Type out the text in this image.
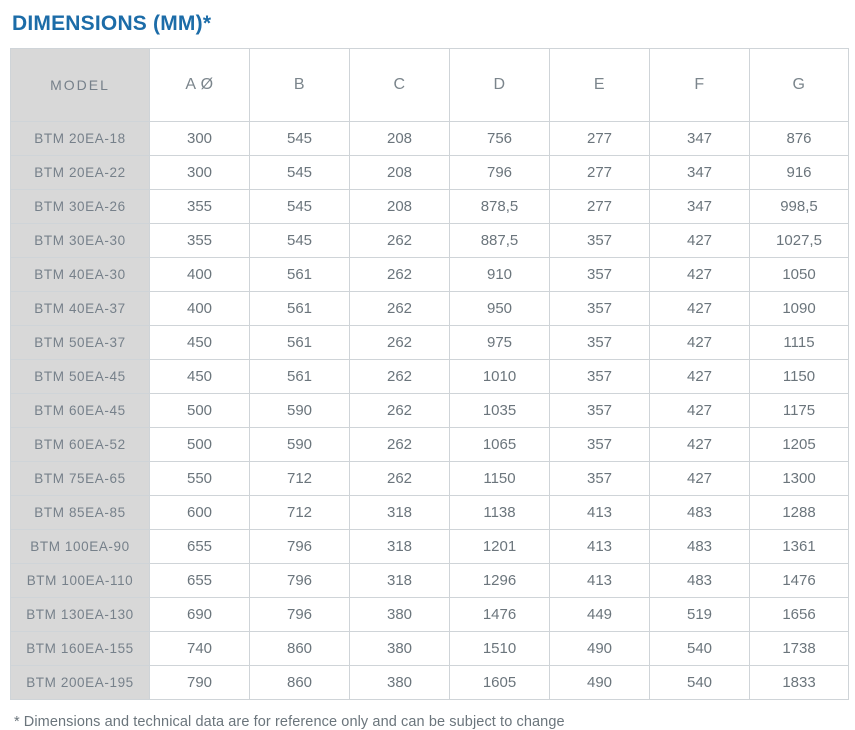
DIMENSIONS (MM)*
MODEL	A Ø	B	C	D	E	F	G
BTM 20EA-18	300	545	208	756	277	347	876
BTM 20EA-22	300	545	208	796	277	347	916
BTM 30EA-26	355	545	208	878,5	277	347	998,5
BTM 30EA-30	355	545	262	887,5	357	427	1027,5
BTM 40EA-30	400	561	262	910	357	427	1050
BTM 40EA-37	400	561	262	950	357	427	1090
BTM 50EA-37	450	561	262	975	357	427	1115
BTM 50EA-45	450	561	262	1010	357	427	1150
BTM 60EA-45	500	590	262	1035	357	427	1175
BTM 60EA-52	500	590	262	1065	357	427	1205
BTM 75EA-65	550	712	262	1150	357	427	1300
BTM 85EA-85	600	712	318	1138	413	483	1288
BTM 100EA-90	655	796	318	1201	413	483	1361
BTM 100EA-110	655	796	318	1296	413	483	1476
BTM 130EA-130	690	796	380	1476	449	519	1656
BTM 160EA-155	740	860	380	1510	490	540	1738
BTM 200EA-195	790	860	380	1605	490	540	1833
* Dimensions and technical data are for reference only and can be subject to change
